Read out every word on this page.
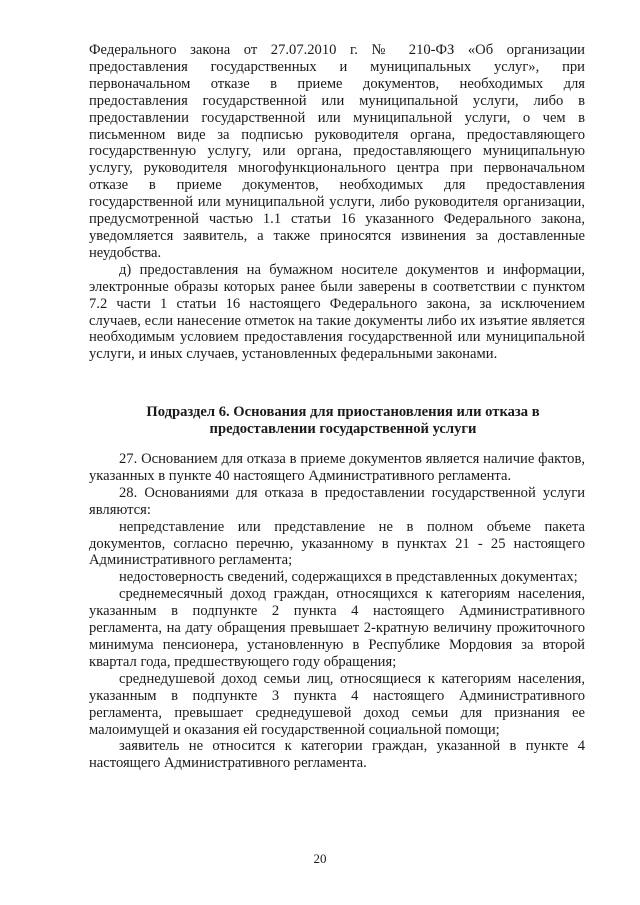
Федерального закона от 27.07.2010 г. № 210-ФЗ «Об организации предоставления государственных и муниципальных услуг», при первоначальном отказе в приеме документов, необходимых для предоставления государственной или муниципальной услуги, либо в предоставлении государственной или муниципальной услуги, о чем в письменном виде за подписью руководителя органа, предоставляющего государственную услугу, или органа, предоставляющего муниципальную услугу, руководителя многофункционального центра при первоначальном отказе в приеме документов, необходимых для предоставления государственной или муниципальной услуги, либо руководителя организации, предусмотренной частью 1.1 статьи 16 указанного Федерального закона, уведомляется заявитель, а также приносятся извинения за доставленные неудобства.

д) предоставления на бумажном носителе документов и информации, электронные образы которых ранее были заверены в соответствии с пунктом 7.2 части 1 статьи 16 настоящего Федерального закона, за исключением случаев, если нанесение отметок на такие документы либо их изъятие является необходимым условием предоставления государственной или муниципальной услуги, и иных случаев, установленных федеральными законами.

Подраздел 6. Основания для приостановления или отказа в

предоставлении государственной услуги

27. Основанием для отказа в приеме документов является наличие фактов, указанных в пункте 40 настоящего Административного регламента.

28. Основаниями для отказа в предоставлении государственной услуги являются:

непредставление или представление не в полном объеме пакета документов, согласно перечню, указанному в пунктах 21 - 25 настоящего Административного регламента;

недостоверность сведений, содержащихся в представленных документах;

среднемесячный доход граждан, относящихся к категориям населения, указанным в подпункте 2 пункта 4 настоящего Административного регламента, на дату обращения превышает 2-кратную величину прожиточного минимума пенсионера, установленную в Республике Мордовия за второй квартал года, предшествующего году обращения;

среднедушевой доход семьи лиц, относящиеся к категориям населения, указанным в подпункте 3 пункта 4 настоящего Административного регламента, превышает среднедушевой доход семьи для признания ее малоимущей и оказания ей государственной социальной помощи;

заявитель не относится к категории граждан, указанной в пункте 4 настоящего Административного регламента.

20
